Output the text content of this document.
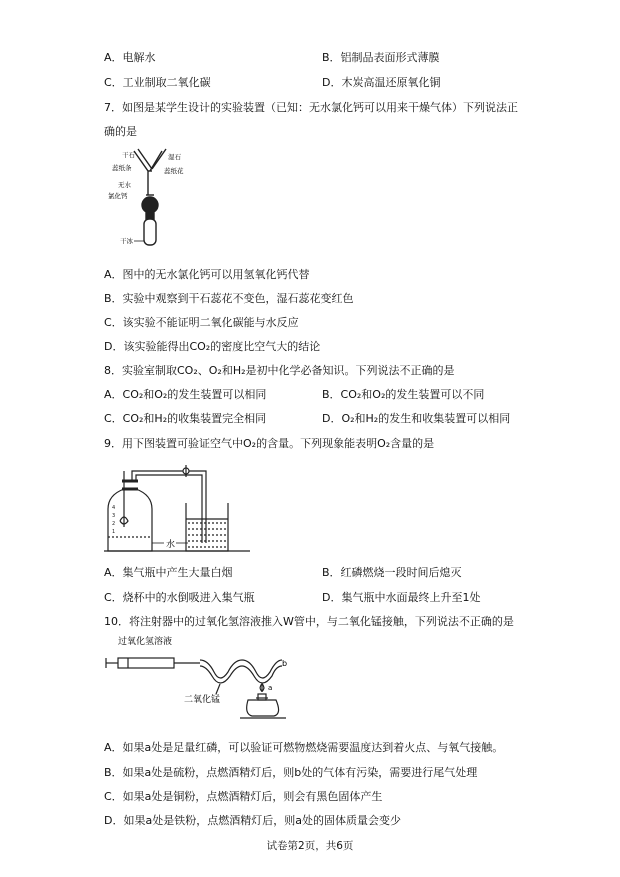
A．电解水	B．铝制品表面形式薄膜
C．工业制取二氧化碳	D．木炭高温还原氧化铜
7．如图是某学生设计的实验装置（已知：无水氯化钙可以用来干燥气体）下列说法正
确的是
干石
蕊纸条
无水
氯化钙
湿石
蕊纸花
干冰
A．图中的无水氯化钙可以用氢氧化钙代替
B．实验中观察到干石蕊花不变色，湿石蕊花变红色
C．该实验不能证明二氧化碳能与水反应
D．该实验能得出CO₂的密度比空气大的结论
8．实验室制取CO₂、O₂和H₂是初中化学必备知识。下列说法不正确的是
A．CO₂和O₂的发生装置可以相同	B．CO₂和O₂的发生装置可以不同
C．CO₂和H₂的收集装置完全相同	D．O₂和H₂的发生和收集装置可以相同
9．用下图装置可验证空气中O₂的含量。下列现象能表明O₂含量的是
4
3
2
1
水
A．集气瓶中产生大量白烟	B．红磷燃烧一段时间后熄灭
C．烧杯中的水倒吸进入集气瓶	D．集气瓶中水面最终上升至1处
10．将注射器中的过氧化氢溶液推入W管中，与二氧化锰接触，下列说法不正确的是
过氧化氢溶液
b
a
二氧化锰
A．如果a处是足量红磷，可以验证可燃物燃烧需要温度达到着火点、与氧气接触。
B．如果a处是硫粉，点燃酒精灯后，则b处的气体有污染，需要进行尾气处理
C．如果a处是铜粉，点燃酒精灯后，则会有黑色固体产生
D．如果a处是铁粉，点燃酒精灯后，则a处的固体质量会变少
试卷第2页，共6页
